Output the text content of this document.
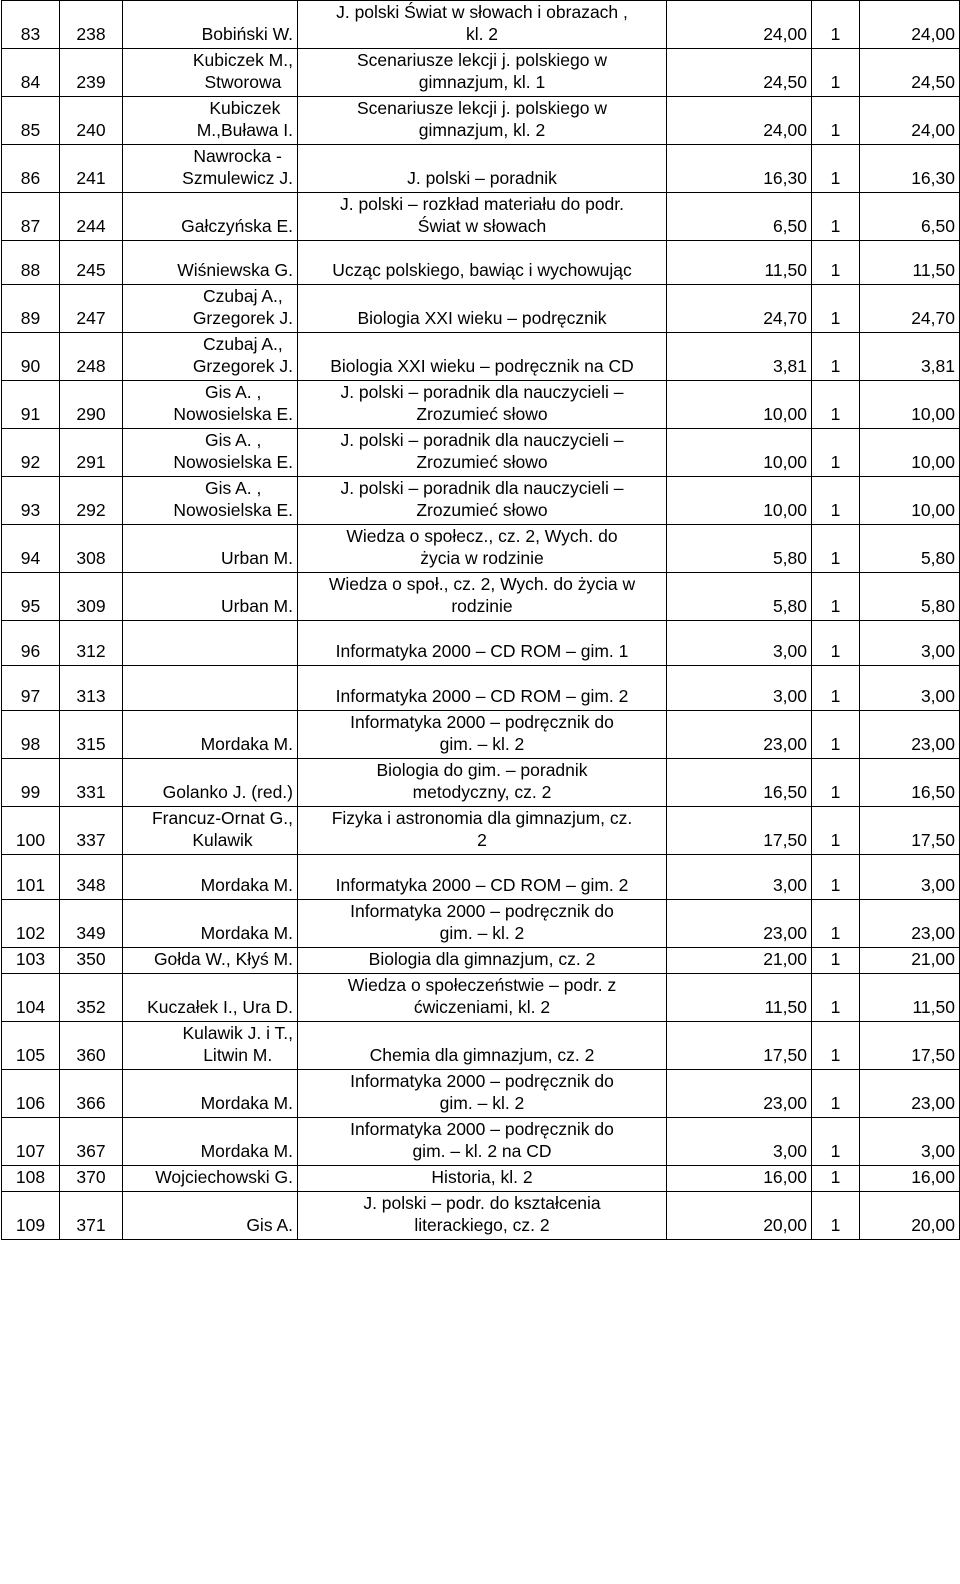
83	238	Bobiński W.	J. polski Świat w słowach i obrazach ,
kl. 2	24,00	1	24,00
84	239	Kubiczek M.,
Stworowa	Scenariusze lekcji j. polskiego w
gimnazjum, kl. 1	24,50	1	24,50
85	240	Kubiczek
M.,Buława I.	Scenariusze lekcji j. polskiego w
gimnazjum, kl. 2	24,00	1	24,00
86	241	Nawrocka -
Szmulewicz J.	J. polski – poradnik	16,30	1	16,30
87	244	Gałczyńska E.	J. polski – rozkład materiału do podr.
Świat w słowach	6,50	1	6,50
88	245	Wiśniewska G.	Ucząc polskiego, bawiąc i wychowując	11,50	1	11,50
89	247	Czubaj A.,
Grzegorek J.	Biologia XXI wieku – podręcznik	24,70	1	24,70
90	248	Czubaj A.,
Grzegorek J.	Biologia XXI wieku – podręcznik na CD	3,81	1	3,81
91	290	Gis A. ,
Nowosielska E.	J. polski – poradnik dla nauczycieli –
Zrozumieć słowo	10,00	1	10,00
92	291	Gis A. ,
Nowosielska E.	J. polski – poradnik dla nauczycieli –
Zrozumieć słowo	10,00	1	10,00
93	292	Gis A. ,
Nowosielska E.	J. polski – poradnik dla nauczycieli –
Zrozumieć słowo	10,00	1	10,00
94	308	Urban M.	Wiedza o społecz., cz. 2, Wych. do
życia w rodzinie	5,80	1	5,80
95	309	Urban M.	Wiedza o społ., cz. 2, Wych. do życia w
rodzinie	5,80	1	5,80
96	312		Informatyka 2000 – CD ROM – gim. 1	3,00	1	3,00
97	313		Informatyka 2000 – CD ROM – gim. 2	3,00	1	3,00
98	315	Mordaka M.	Informatyka 2000 – podręcznik do
gim. – kl. 2	23,00	1	23,00
99	331	Golanko J. (red.)	Biologia do gim. – poradnik
metodyczny, cz. 2	16,50	1	16,50
100	337	Francuz-Ornat G.,
Kulawik	Fizyka i astronomia dla gimnazjum, cz.
2	17,50	1	17,50
101	348	Mordaka M.	Informatyka 2000 – CD ROM – gim. 2	3,00	1	3,00
102	349	Mordaka M.	Informatyka 2000 – podręcznik do
gim. – kl. 2	23,00	1	23,00
103	350	Gołda W., Kłyś M.	Biologia dla gimnazjum, cz. 2	21,00	1	21,00
104	352	Kuczałek I., Ura D.	Wiedza o społeczeństwie – podr. z
ćwiczeniami, kl. 2	11,50	1	11,50
105	360	Kulawik J. i T.,
Litwin M.	Chemia dla gimnazjum, cz. 2	17,50	1	17,50
106	366	Mordaka M.	Informatyka 2000 – podręcznik do
gim. – kl. 2	23,00	1	23,00
107	367	Mordaka M.	Informatyka 2000 – podręcznik do
gim. – kl. 2 na CD	3,00	1	3,00
108	370	Wojciechowski G.	Historia, kl. 2	16,00	1	16,00
109	371	Gis A.	J. polski – podr. do kształcenia
literackiego, cz. 2	20,00	1	20,00
